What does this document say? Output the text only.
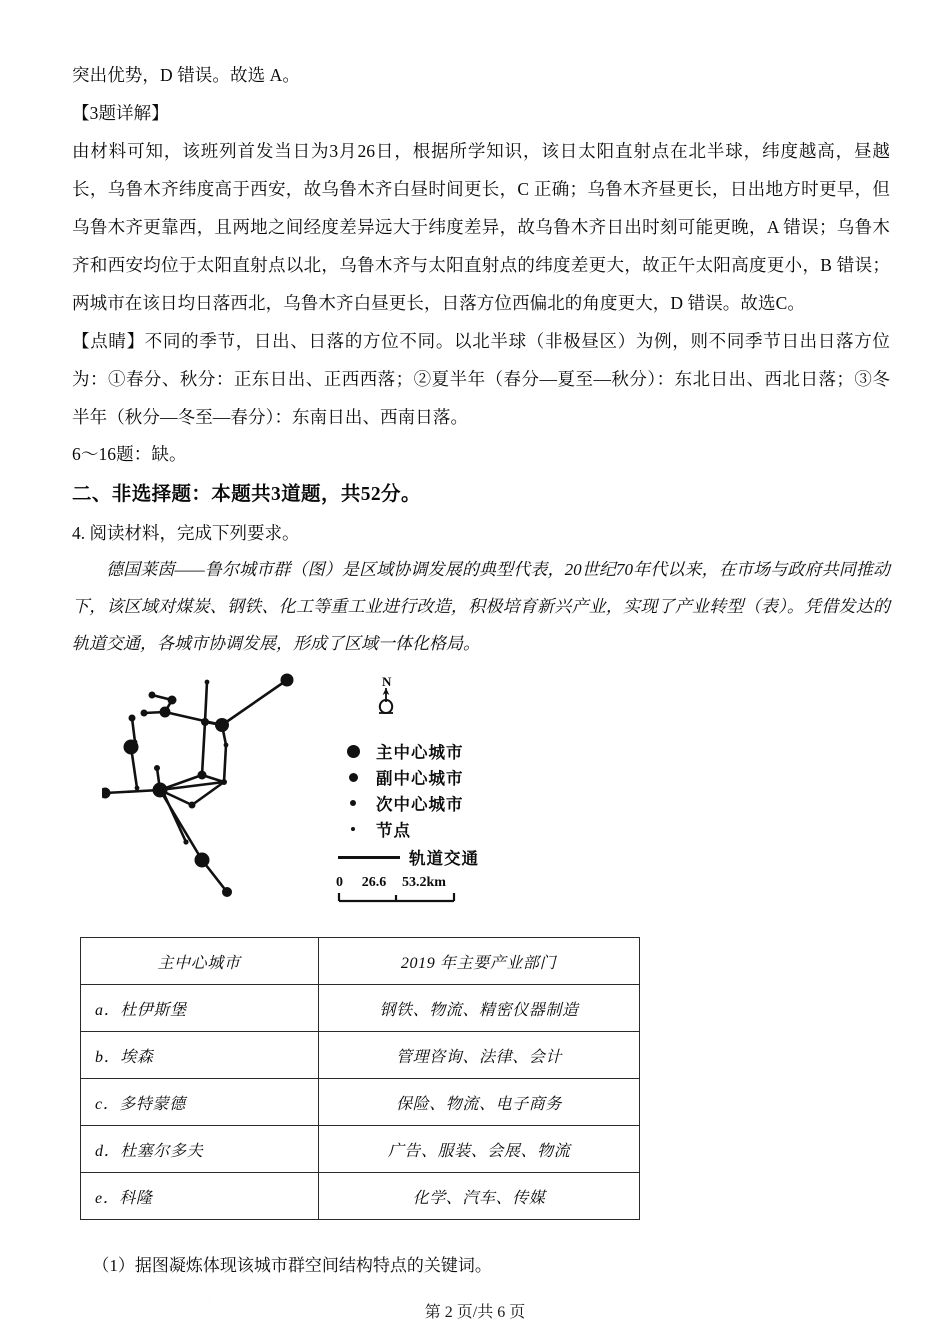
突出优势，D 错误。故选 A。

【3题详解】

由材料可知，该班列首发当日为3月26日，根据所学知识，该日太阳直射点在北半球，纬度越高，昼越长，乌鲁木齐纬度高于西安，故乌鲁木齐白昼时间更长，C 正确；乌鲁木齐昼更长，日出地方时更早，但乌鲁木齐更靠西，且两地之间经度差异远大于纬度差异，故乌鲁木齐日出时刻可能更晚，A 错误；乌鲁木齐和西安均位于太阳直射点以北，乌鲁木齐与太阳直射点的纬度差更大，故正午太阳高度更小，B 错误；两城市在该日均日落西北，乌鲁木齐白昼更长，日落方位西偏北的角度更大，D 错误。故选C。

【点睛】不同的季节，日出、日落的方位不同。以北半球（非极昼区）为例，则不同季节日出日落方位为：①春分、秋分：正东日出、正西西落；②夏半年（春分—夏至—秋分）：东北日出、西北日落；③冬半年（秋分—冬至—春分）：东南日出、西南日落。

6～16题：缺。

二、非选择题：本题共3道题，共52分。

4. 阅读材料，完成下列要求。

德国莱茵——鲁尔城市群（图）是区域协调发展的典型代表，20世纪70年代以来，在市场与政府共同推动下，该区域对煤炭、钢铁、化工等重工业进行改造，积极培育新兴产业，实现了产业转型（表）。凭借发达的轨道交通，各城市协调发展，形成了区域一体化格局。

N
主中心城市
副中心城市
次中心城市
节点
轨道交通
0	26.6	53.2km
主中心城市	2019 年主要产业部门
a．杜伊斯堡	钢铁、物流、精密仪器制造
b．埃森	管理咨询、法律、会计
c．多特蒙德	保险、物流、电子商务
d．杜塞尔多夫	广告、服装、会展、物流
e．科隆	化学、汽车、传媒

（1）据图凝炼体现该城市群空间结构特点的关键词。

·
第 2 页/共 6 页
